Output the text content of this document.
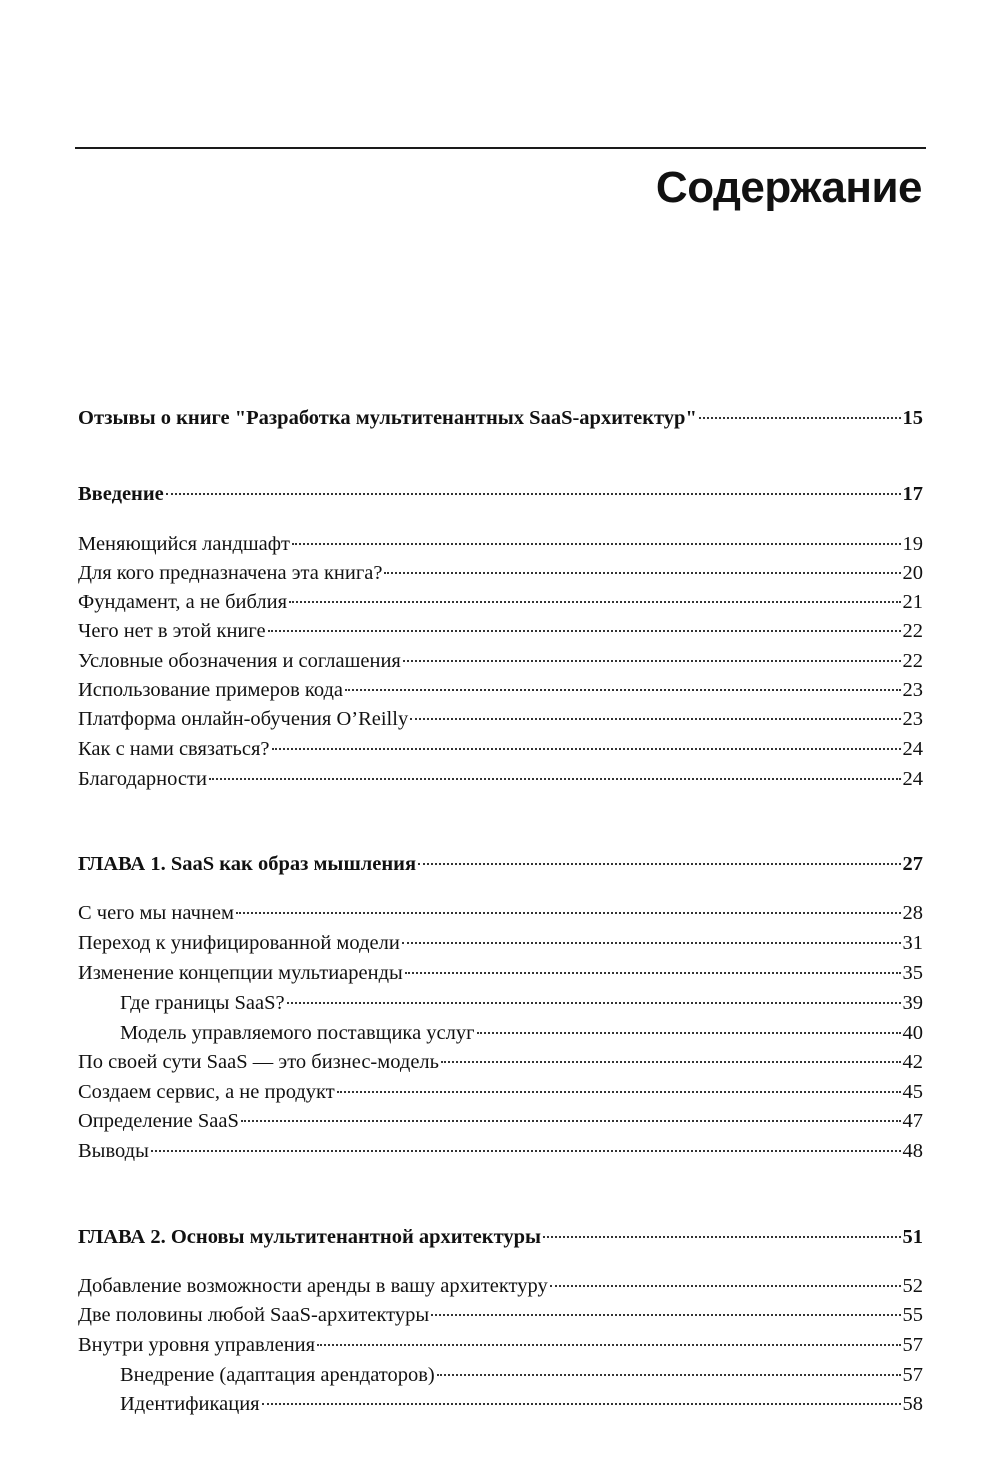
Содержание
Отзывы о книге "Разработка мультитенантных SaaS-архитектур"	15
Введение	17
Меняющийся ландшафт	19
Для кого предназначена эта книга?	20
Фундамент, а не библия	21
Чего нет в этой книге	22
Условные обозначения и соглашения	22
Использование примеров кода	23
Платформа онлайн-обучения O’Reilly	23
Как с нами связаться?	24
Благодарности	24
ГЛАВА 1. SaaS как образ мышления	27
С чего мы начнем	28
Переход к унифицированной модели	31
Изменение концепции мультиаренды	35
Где границы SaaS?	39
Модель управляемого поставщика услуг	40
По своей сути SaaS — это бизнес-модель	42
Создаем сервис, а не продукт	45
Определение SaaS	47
Выводы	48
ГЛАВА 2. Основы мультитенантной архитектуры	51
Добавление возможности аренды в вашу архитектуру	52
Две половины любой SaaS-архитектуры	55
Внутри уровня управления	57
Внедрение (адаптация арендаторов)	57
Идентификация	58
